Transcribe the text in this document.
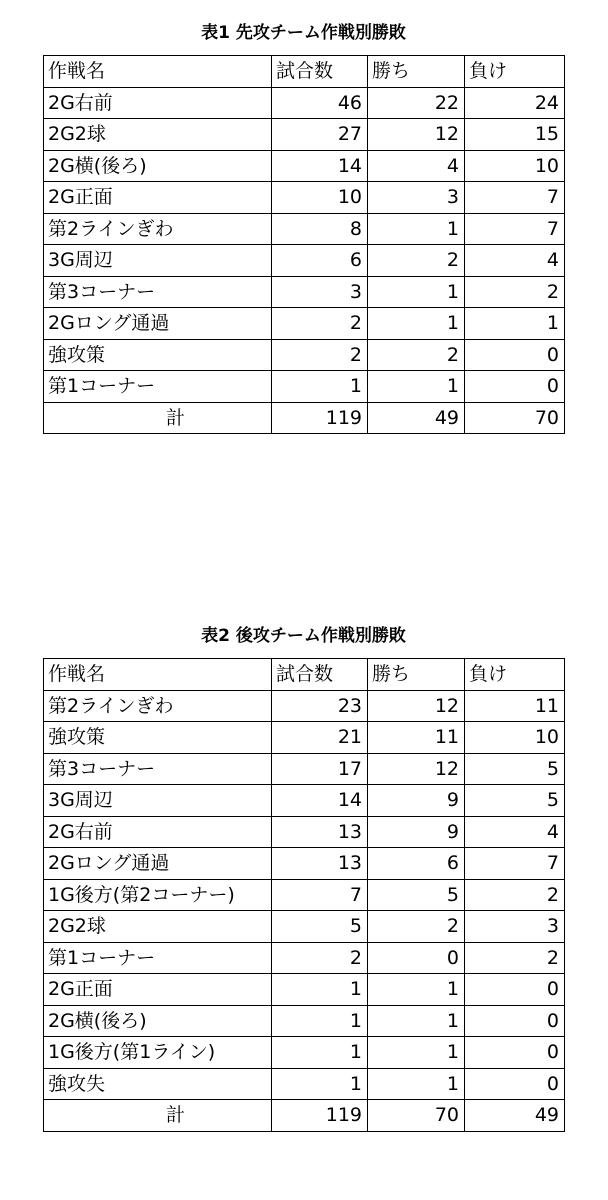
表1 先攻チーム作戦別勝敗
作戦名	試合数	勝ち	負け
2G右前	46	22	24
2G2球	27	12	15
2G横(後ろ)	14	4	10
2G正面	10	3	7
第2ラインぎわ	8	1	7
3G周辺	6	2	4
第3コーナー	3	1	2
2Gロング通過	2	1	1
強攻策	2	2	0
第1コーナー	1	1	0
計	119	49	70
表2 後攻チーム作戦別勝敗
作戦名	試合数	勝ち	負け
第2ラインぎわ	23	12	11
強攻策	21	11	10
第3コーナー	17	12	5
3G周辺	14	9	5
2G右前	13	9	4
2Gロング通過	13	6	7
1G後方(第2コーナー)	7	5	2
2G2球	5	2	3
第1コーナー	2	0	2
2G正面	1	1	0
2G横(後ろ)	1	1	0
1G後方(第1ライン)	1	1	0
強攻失	1	1	0
計	119	70	49
